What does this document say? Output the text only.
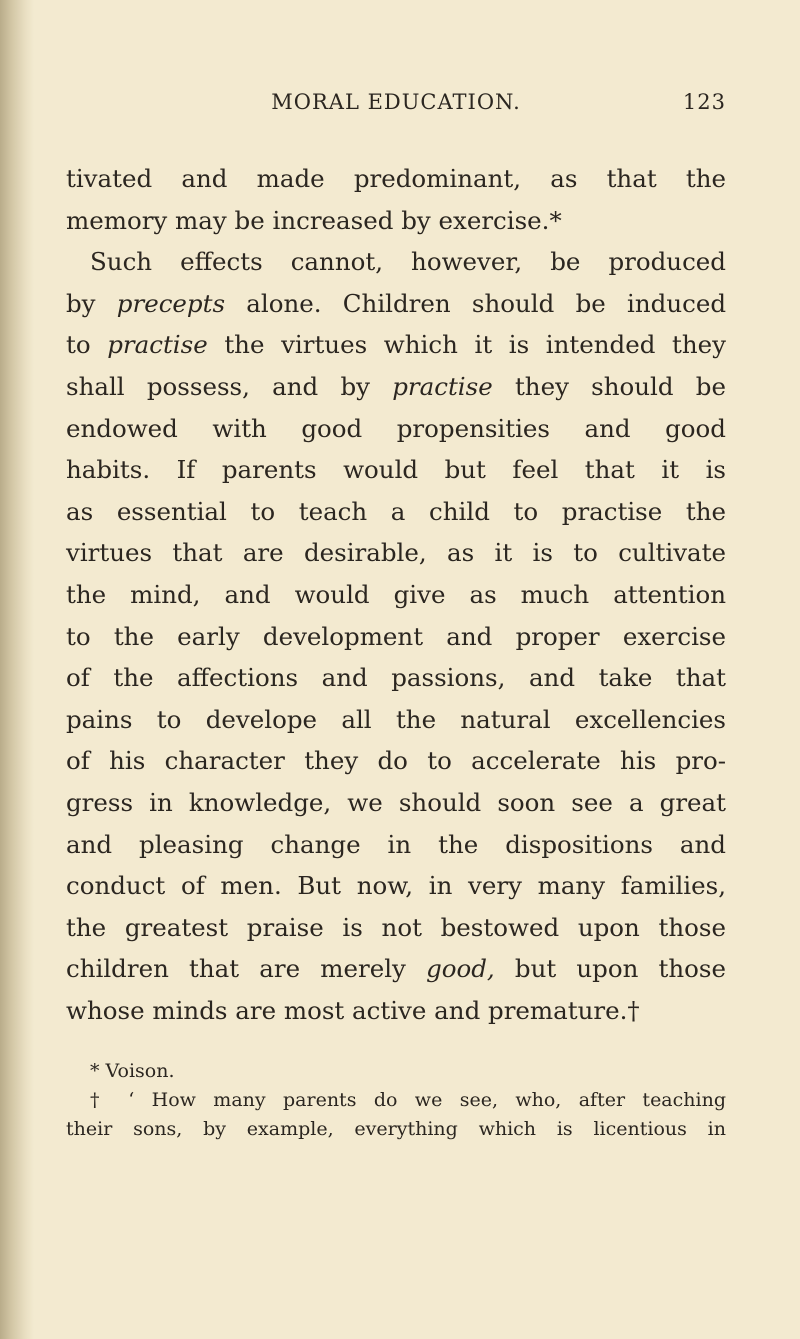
MORAL EDUCATION.	123
tivated and made predominant, as that the
memory may be increased by exercise.*
Such effects cannot, however, be produced
by precepts alone. Children should be induced
to practise the virtues which it is intended they
shall possess, and by practise they should be
endowed with good propensities and good
habits. If parents would but feel that it is
as essential to teach a child to practise the
virtues that are desirable, as it is to cultivate
the mind, and would give as much attention
to the early development and proper exercise
of the affections and passions, and take that
pains to develope all the natural excellencies
of his character they do to accelerate his pro-
gress in knowledge, we should soon see a great
and pleasing change in the dispositions and
conduct of men. But now, in very many families,
the greatest praise is not bestowed upon those
children that are merely good, but upon those
whose minds are most active and premature.†
* Voison.
† ‘ How many parents do we see, who, after teaching
their sons, by example, everything which is licentious in
